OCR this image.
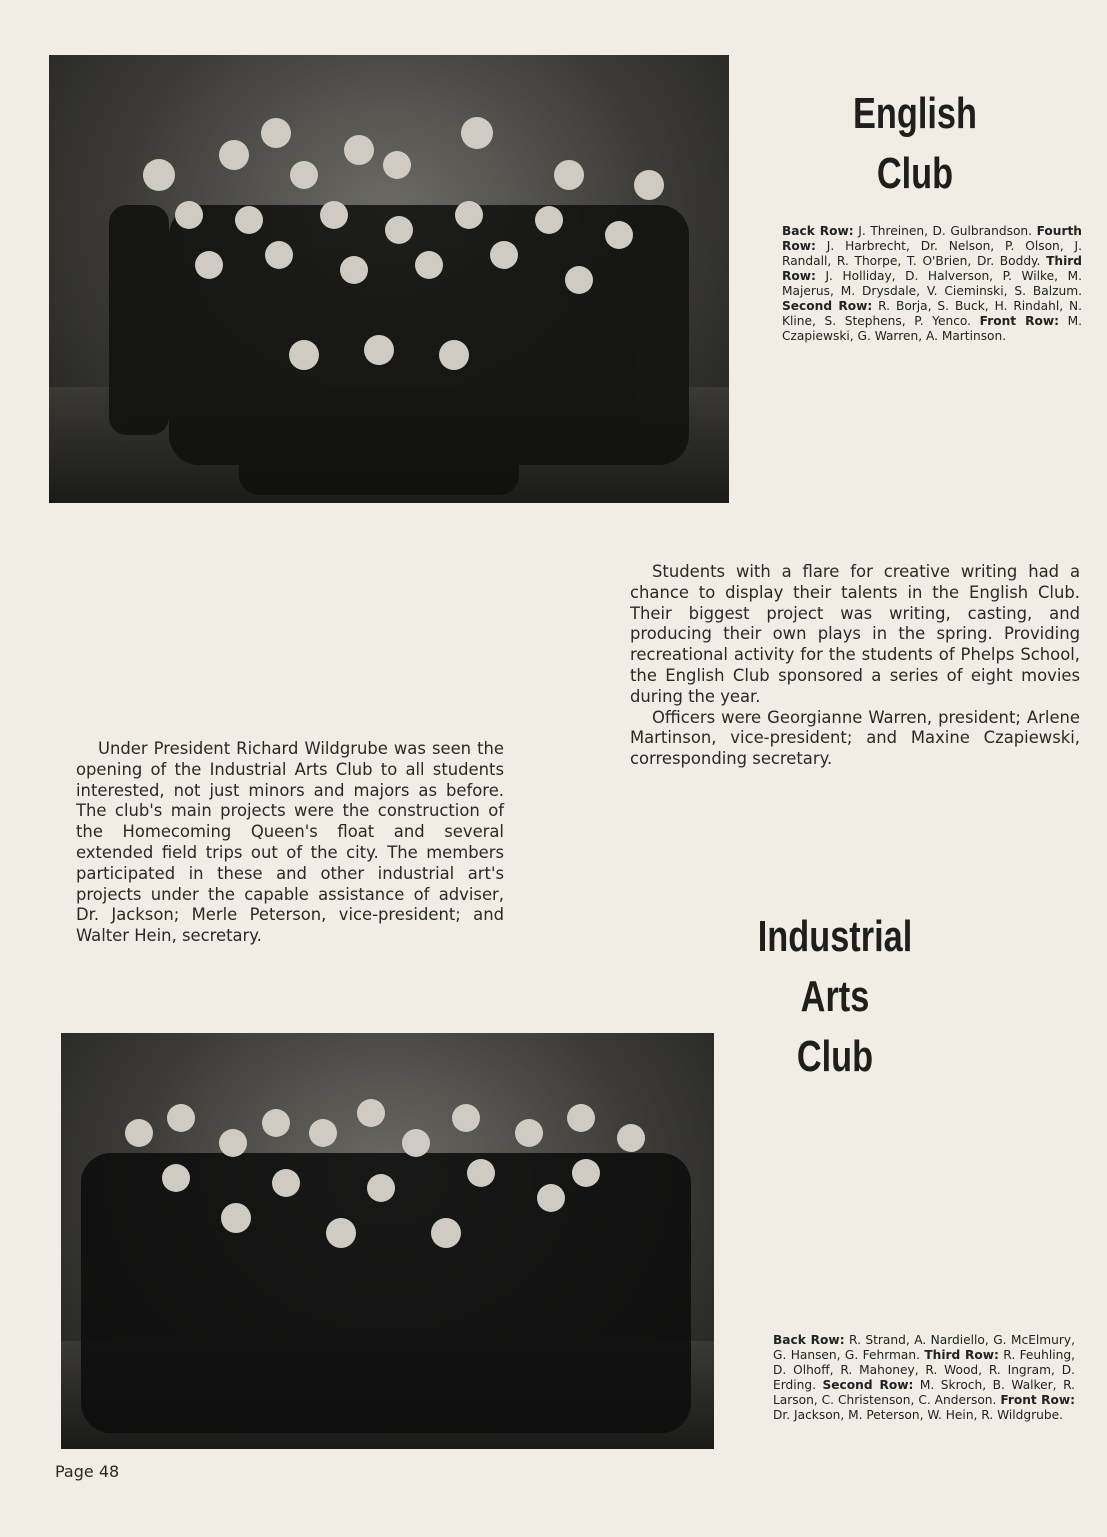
English
Club
Back Row: J. Threinen, D. Gulbrandson. Fourth Row: J. Harbrecht, Dr. Nelson, P. Olson, J. Randall, R. Thorpe, T. O'Brien, Dr. Boddy. Third Row: J. Holliday, D. Halverson, P. Wilke, M. Majerus, M. Drysdale, V. Cieminski, S. Balzum. Second Row: R. Borja, S. Buck, H. Rindahl, N. Kline, S. Stephens, P. Yenco. Front Row: M. Czapiewski, G. Warren, A. Martinson.

Students with a flare for creative writing had a chance to display their talents in the English Club. Their biggest project was writing, casting, and producing their own plays in the spring. Providing recreational activity for the students of Phelps School, the English Club sponsored a series of eight movies during the year.

Officers were Georgianne Warren, president; Arlene Martinson, vice-president; and Maxine Czapiewski, corresponding secretary.

Under President Richard Wildgrube was seen the opening of the Industrial Arts Club to all students interested, not just minors and majors as before. The club's main projects were the construction of the Homecoming Queen's float and several extended field trips out of the city. The members participated in these and other industrial art's projects under the capable assistance of adviser, Dr. Jackson; Merle Peterson, vice-president; and Walter Hein, secretary.	Industrial Arts
Club
Back Row: R. Strand, A. Nardiello, G. McElmury, G. Hansen, G. Fehrman. Third Row: R. Feuhling, D. Olhoff, R. Mahoney, R. Wood, R. Ingram, D. Erding. Second Row: M. Skroch, B. Walker, R. Larson, C. Christenson, C. Anderson. Front Row: Dr. Jackson, M. Peterson, W. Hein, R. Wildgrube.
Page 48
